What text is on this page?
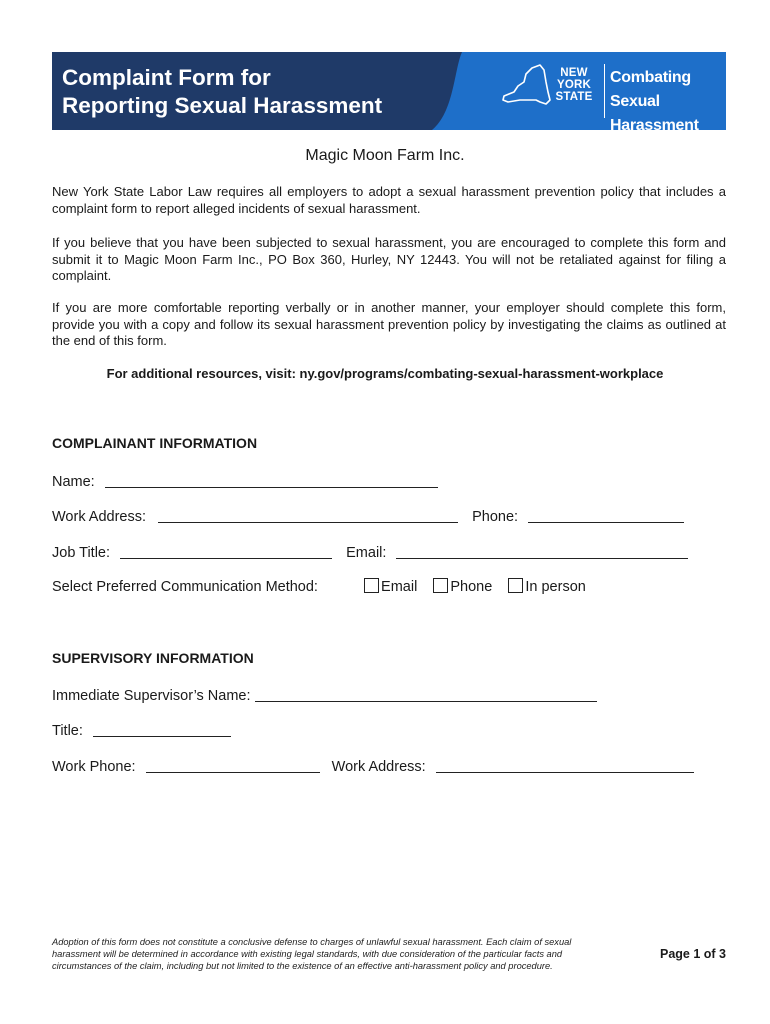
Complaint Form for
Reporting Sexual Harassment
NEW
YORK
STATE
Combating
Sexual Harassment
Magic Moon Farm Inc.

New York State Labor Law requires all employers to adopt a sexual harassment prevention policy that includes a complaint form to report alleged incidents of sexual harassment.

If you believe that you have been subjected to sexual harassment, you are encouraged to complete this form and submit it to Magic Moon Farm Inc., PO Box 360, Hurley, NY 12443. You will not be retaliated against for filing a complaint.

If you are more comfortable reporting verbally or in another manner, your employer should complete this form, provide you with a copy and follow its sexual harassment prevention policy by investigating the claims as outlined at the end of this form.

For additional resources, visit: ny.gov/programs/combating-sexual-harassment-workplace
COMPLAINANT INFORMATION
Name:
Work Address:	Phone:
Job Title:	Email:
Select Preferred Communication Method:	Email Phone In person
SUPERVISORY INFORMATION
Immediate Supervisor’s Name:
Title:
Work Phone:	Work Address:
Adoption of this form does not constitute a conclusive defense to charges of unlawful sexual harassment. Each claim of sexual harassment will be determined in accordance with existing legal standards, with due consideration of the particular facts and circumstances of the claim, including but not limited to the existence of an effective anti-harassment policy and procedure.
Page 1 of 3
